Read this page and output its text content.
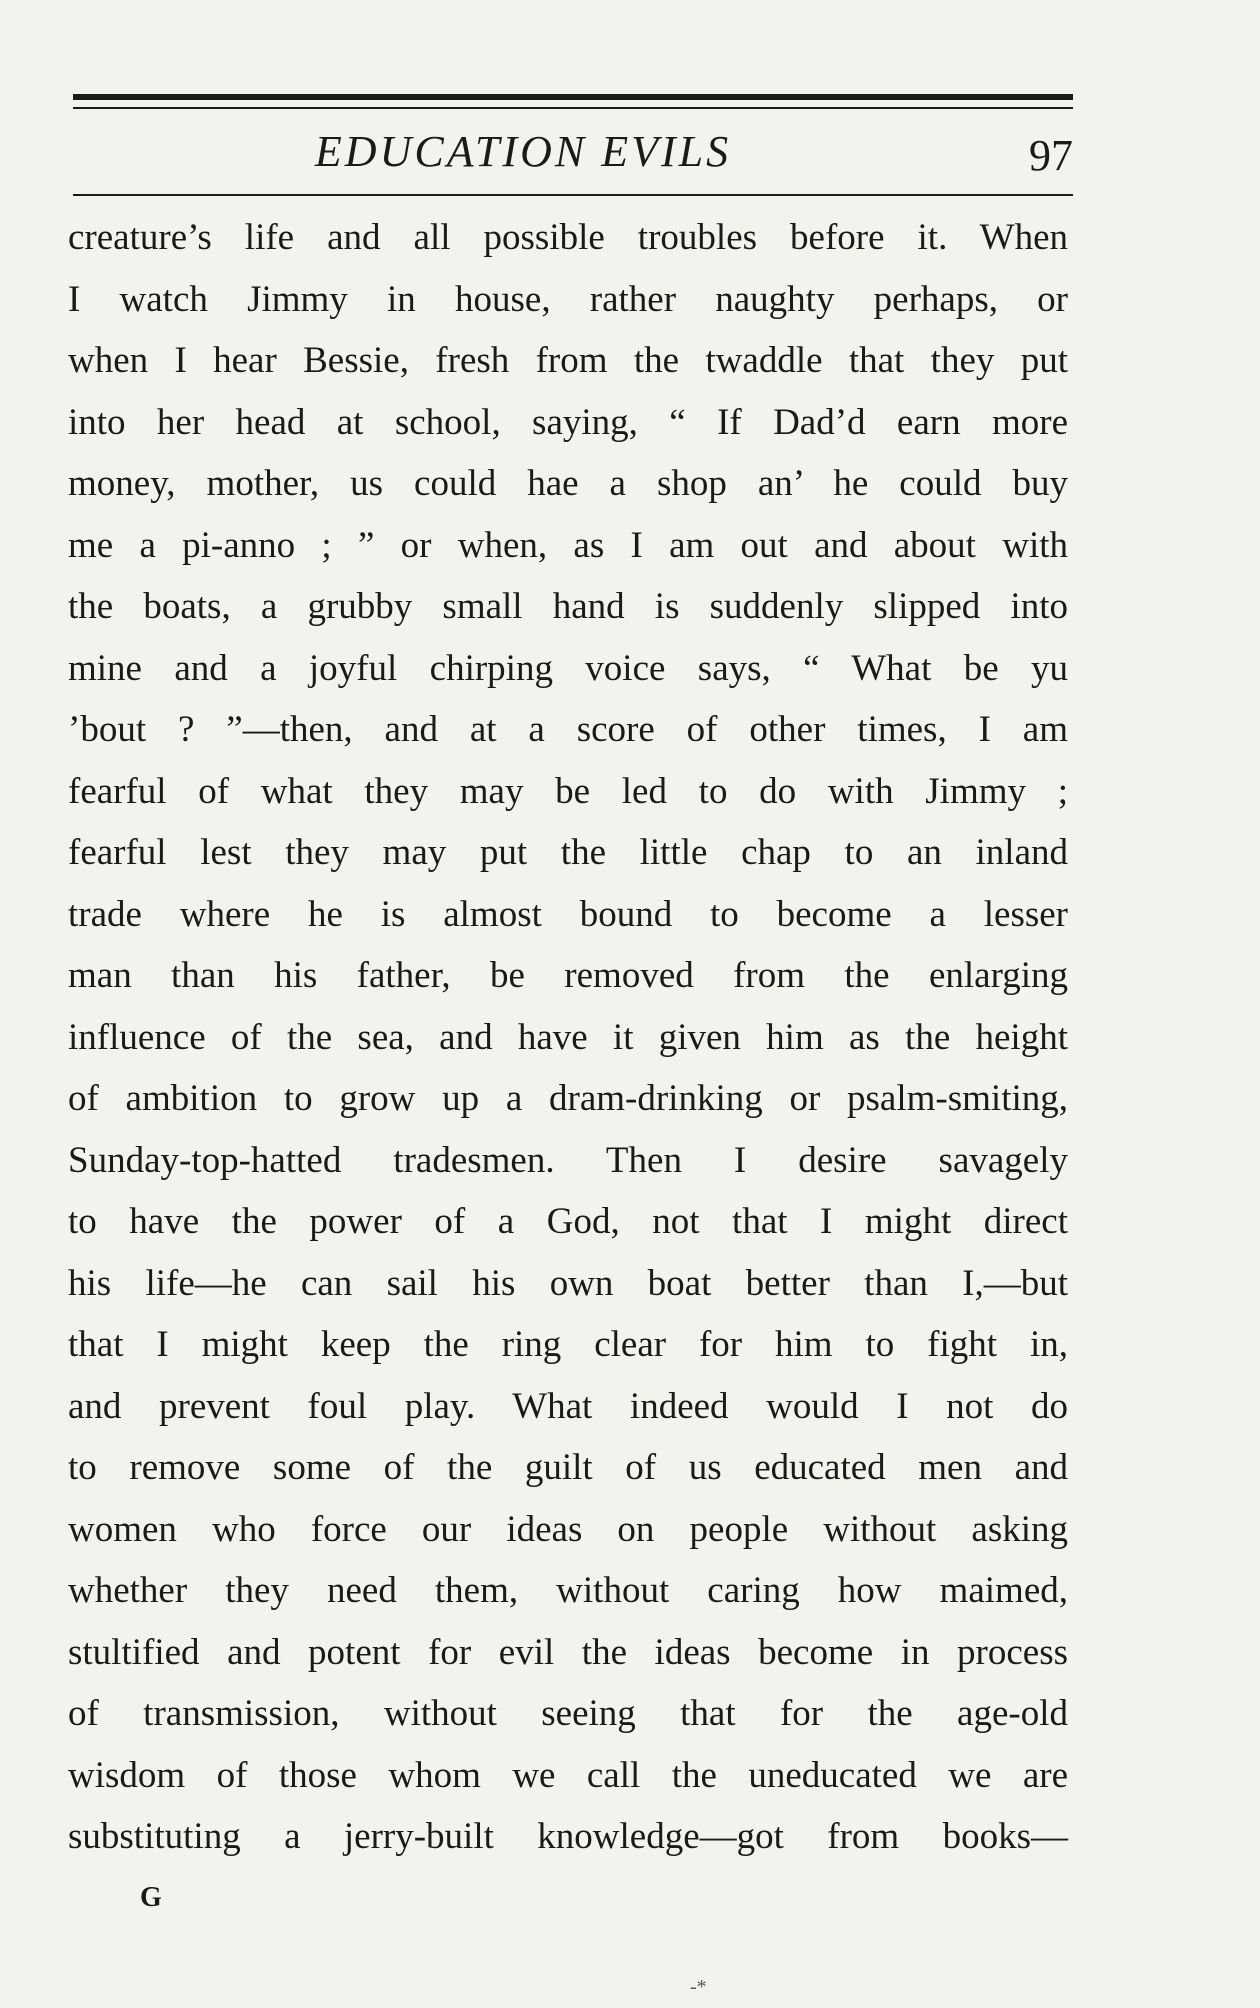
EDUCATION EVILS	97
creature’s life and all possible troubles before it. When
I watch Jimmy in house, rather naughty perhaps, or
when I hear Bessie, fresh from the twaddle that they put
into her head at school, saying, “ If Dad’d earn more
money, mother, us could hae a shop an’ he could buy
me a pi-anno ; ” or when, as I am out and about with
the boats, a grubby small hand is suddenly slipped into
mine and a joyful chirping voice says, “ What be yu
’bout ? ”—then, and at a score of other times, I am
fearful of what they may be led to do with Jimmy ;
fearful lest they may put the little chap to an inland
trade where he is almost bound to become a lesser
man than his father, be removed from the enlarging
influence of the sea, and have it given him as the height
of ambition to grow up a dram-drinking or psalm-smiting,
Sunday-top-hatted tradesmen. Then I desire savagely
to have the power of a God, not that I might direct
his life—he can sail his own boat better than I,—but
that I might keep the ring clear for him to fight in,
and prevent foul play. What indeed would I not do
to remove some of the guilt of us educated men and
women who force our ideas on people without asking
whether they need them, without caring how maimed,
stultified and potent for evil the ideas become in process
of transmission, without seeing that for the age-old
wisdom of those whom we call the uneducated we are
substituting a jerry-built knowledge—got from books—
G
-*
